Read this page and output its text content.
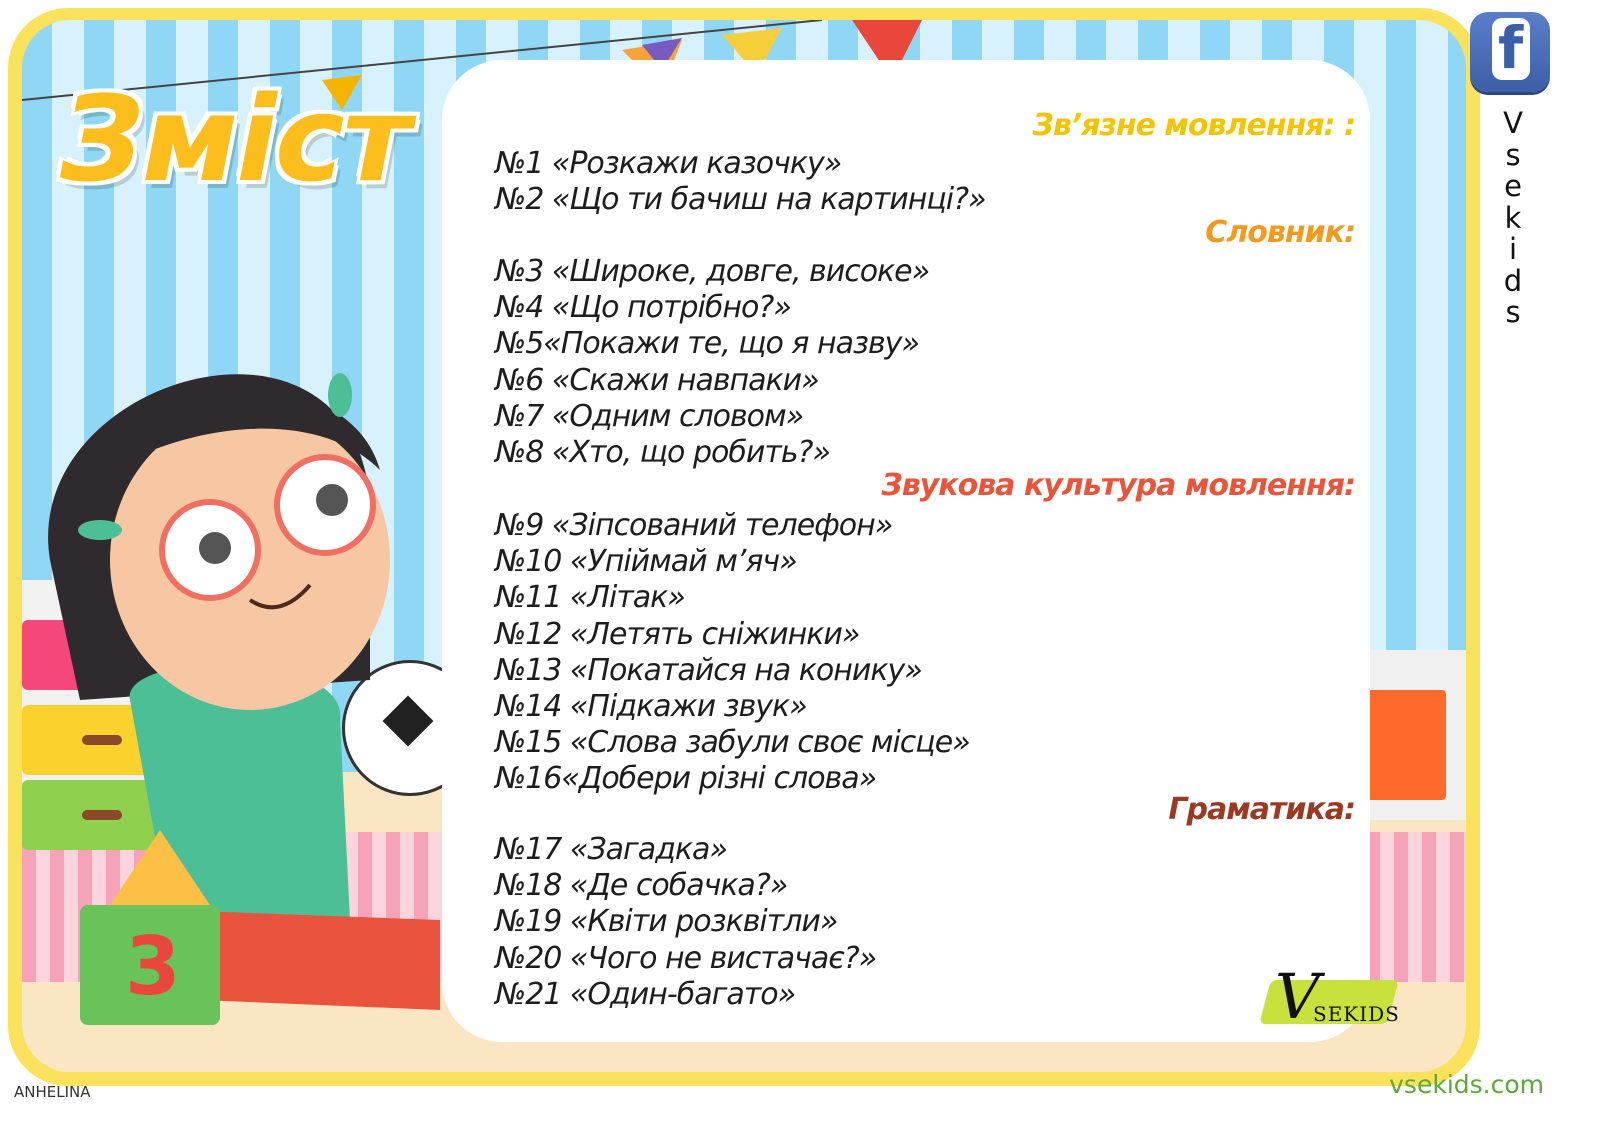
3
Зміст	Зв’язне мовлення: :
№1 «Розкажи казочку»
№2 «Що ти бачиш на картинці?»
Словник:
№3 «Широке, довге, високе»
№4 «Що потрібно?»
№5«Покажи те, що я назву»
№6 «Скажи навпаки»
№7 «Одним словом»
№8 «Хто, що робить?»
Звукова культура мовлення:
№9 «Зіпсований телефон»
№10 «Упіймай м’яч»
№11 «Літак»
№12 «Летять сніжинки»
№13 «Покатайся на конику»
№14 «Підкажи звук»
№15 «Слова забули своє місце»
№16«Добери різні слова»
Граматика:
№17 «Загадка»
№18 «Де собачка?»
№19 «Квіти розквітли»
№20 «Чого не вистачає?»
№21 «Один-багато»
f
V
s
e
k
i
d
s
V
SEKIDS
ANHELINA	vsekids.com
